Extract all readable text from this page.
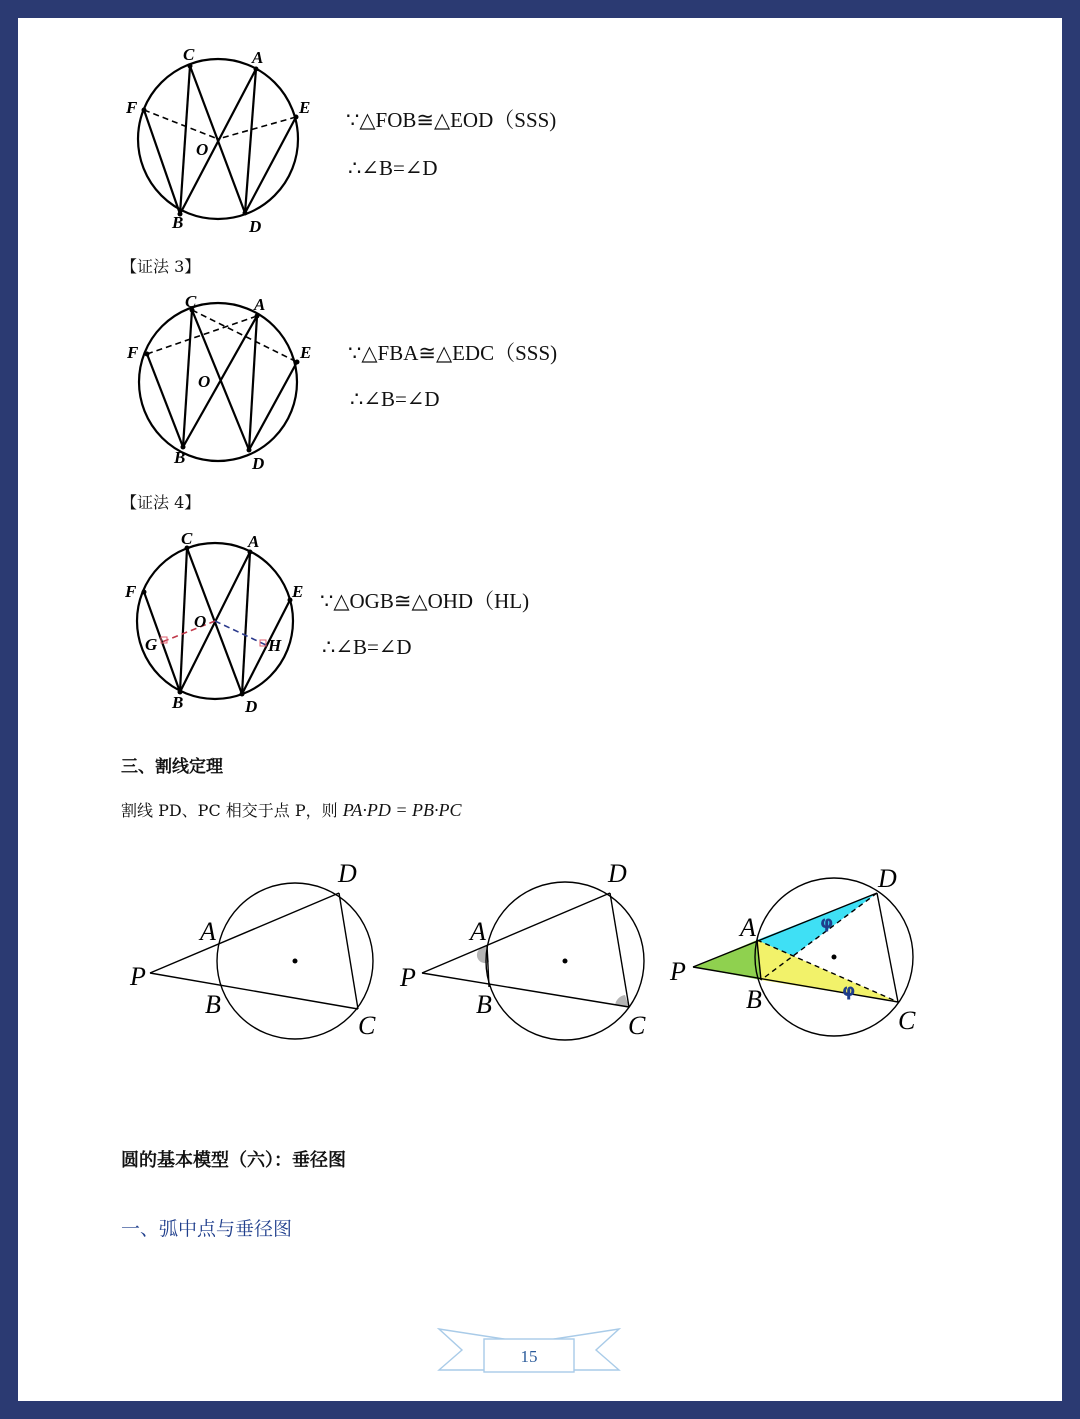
C	A
F	E
O
B	D
∵△FOB≅△EOD（SSS)
∴∠B=∠D
【证法 3】
C	A
F	E
O
B	D
∵△FBA≅△EDC（SSS)
∴∠B=∠D
【证法 4】
C	A
F	E
O
G	H
B	D
∵△OGB≅△OHD（HL)
∴∠B=∠D
三、割线定理
割线 PD、PC 相交于点 P，则 PA·PD = PB·PC
P
A
B
C
D
P
A
B
C
D
P
A
B
C
D
φ
φ
圆的基本模型（六）：垂径图
一、弧中点与垂径图
15
